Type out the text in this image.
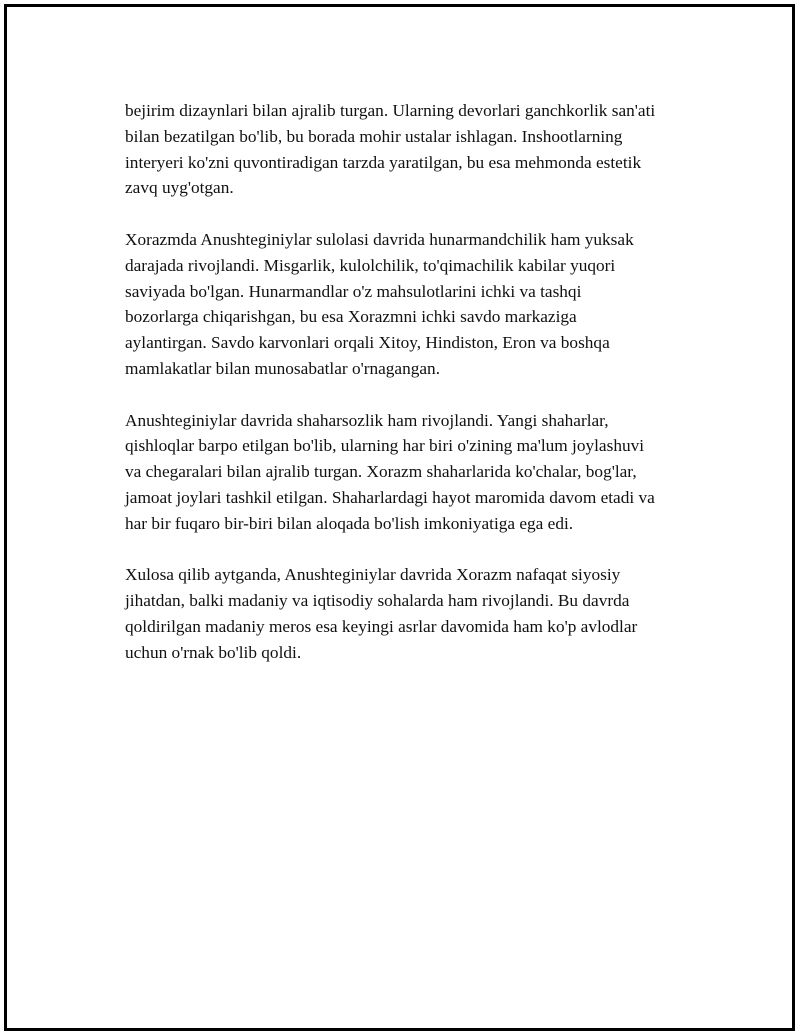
bejirim dizaynlari bilan ajralib turgan. Ularning devorlari ganchkorlik san'ati
bilan bezatilgan bo'lib, bu borada mohir ustalar ishlagan. Inshootlarning
interyeri ko'zni quvontiradigan tarzda yaratilgan, bu esa mehmonda estetik
zavq uyg'otgan.

Xorazmda Anushteginiylar sulolasi davrida hunarmandchilik ham yuksak
darajada rivojlandi. Misgarlik, kulolchilik, to'qimachilik kabilar yuqori
saviyada bo'lgan. Hunarmandlar o'z mahsulotlarini ichki va tashqi
bozorlarga chiqarishgan, bu esa Xorazmni ichki savdo markaziga
aylantirgan. Savdo karvonlari orqali Xitoy, Hindiston, Eron va boshqa
mamlakatlar bilan munosabatlar o'rnagangan.

Anushteginiylar davrida shaharsozlik ham rivojlandi. Yangi shaharlar,
qishloqlar barpo etilgan bo'lib, ularning har biri o'zining ma'lum joylashuvi
va chegaralari bilan ajralib turgan. Xorazm shaharlarida ko'chalar, bog'lar,
jamoat joylari tashkil etilgan. Shaharlardagi hayot maromida davom etadi va
har bir fuqaro bir-biri bilan aloqada bo'lish imkoniyatiga ega edi.

Xulosa qilib aytganda, Anushteginiylar davrida Xorazm nafaqat siyosiy
jihatdan, balki madaniy va iqtisodiy sohalarda ham rivojlandi. Bu davrda
qoldirilgan madaniy meros esa keyingi asrlar davomida ham ko'p avlodlar
uchun o'rnak bo'lib qoldi.
